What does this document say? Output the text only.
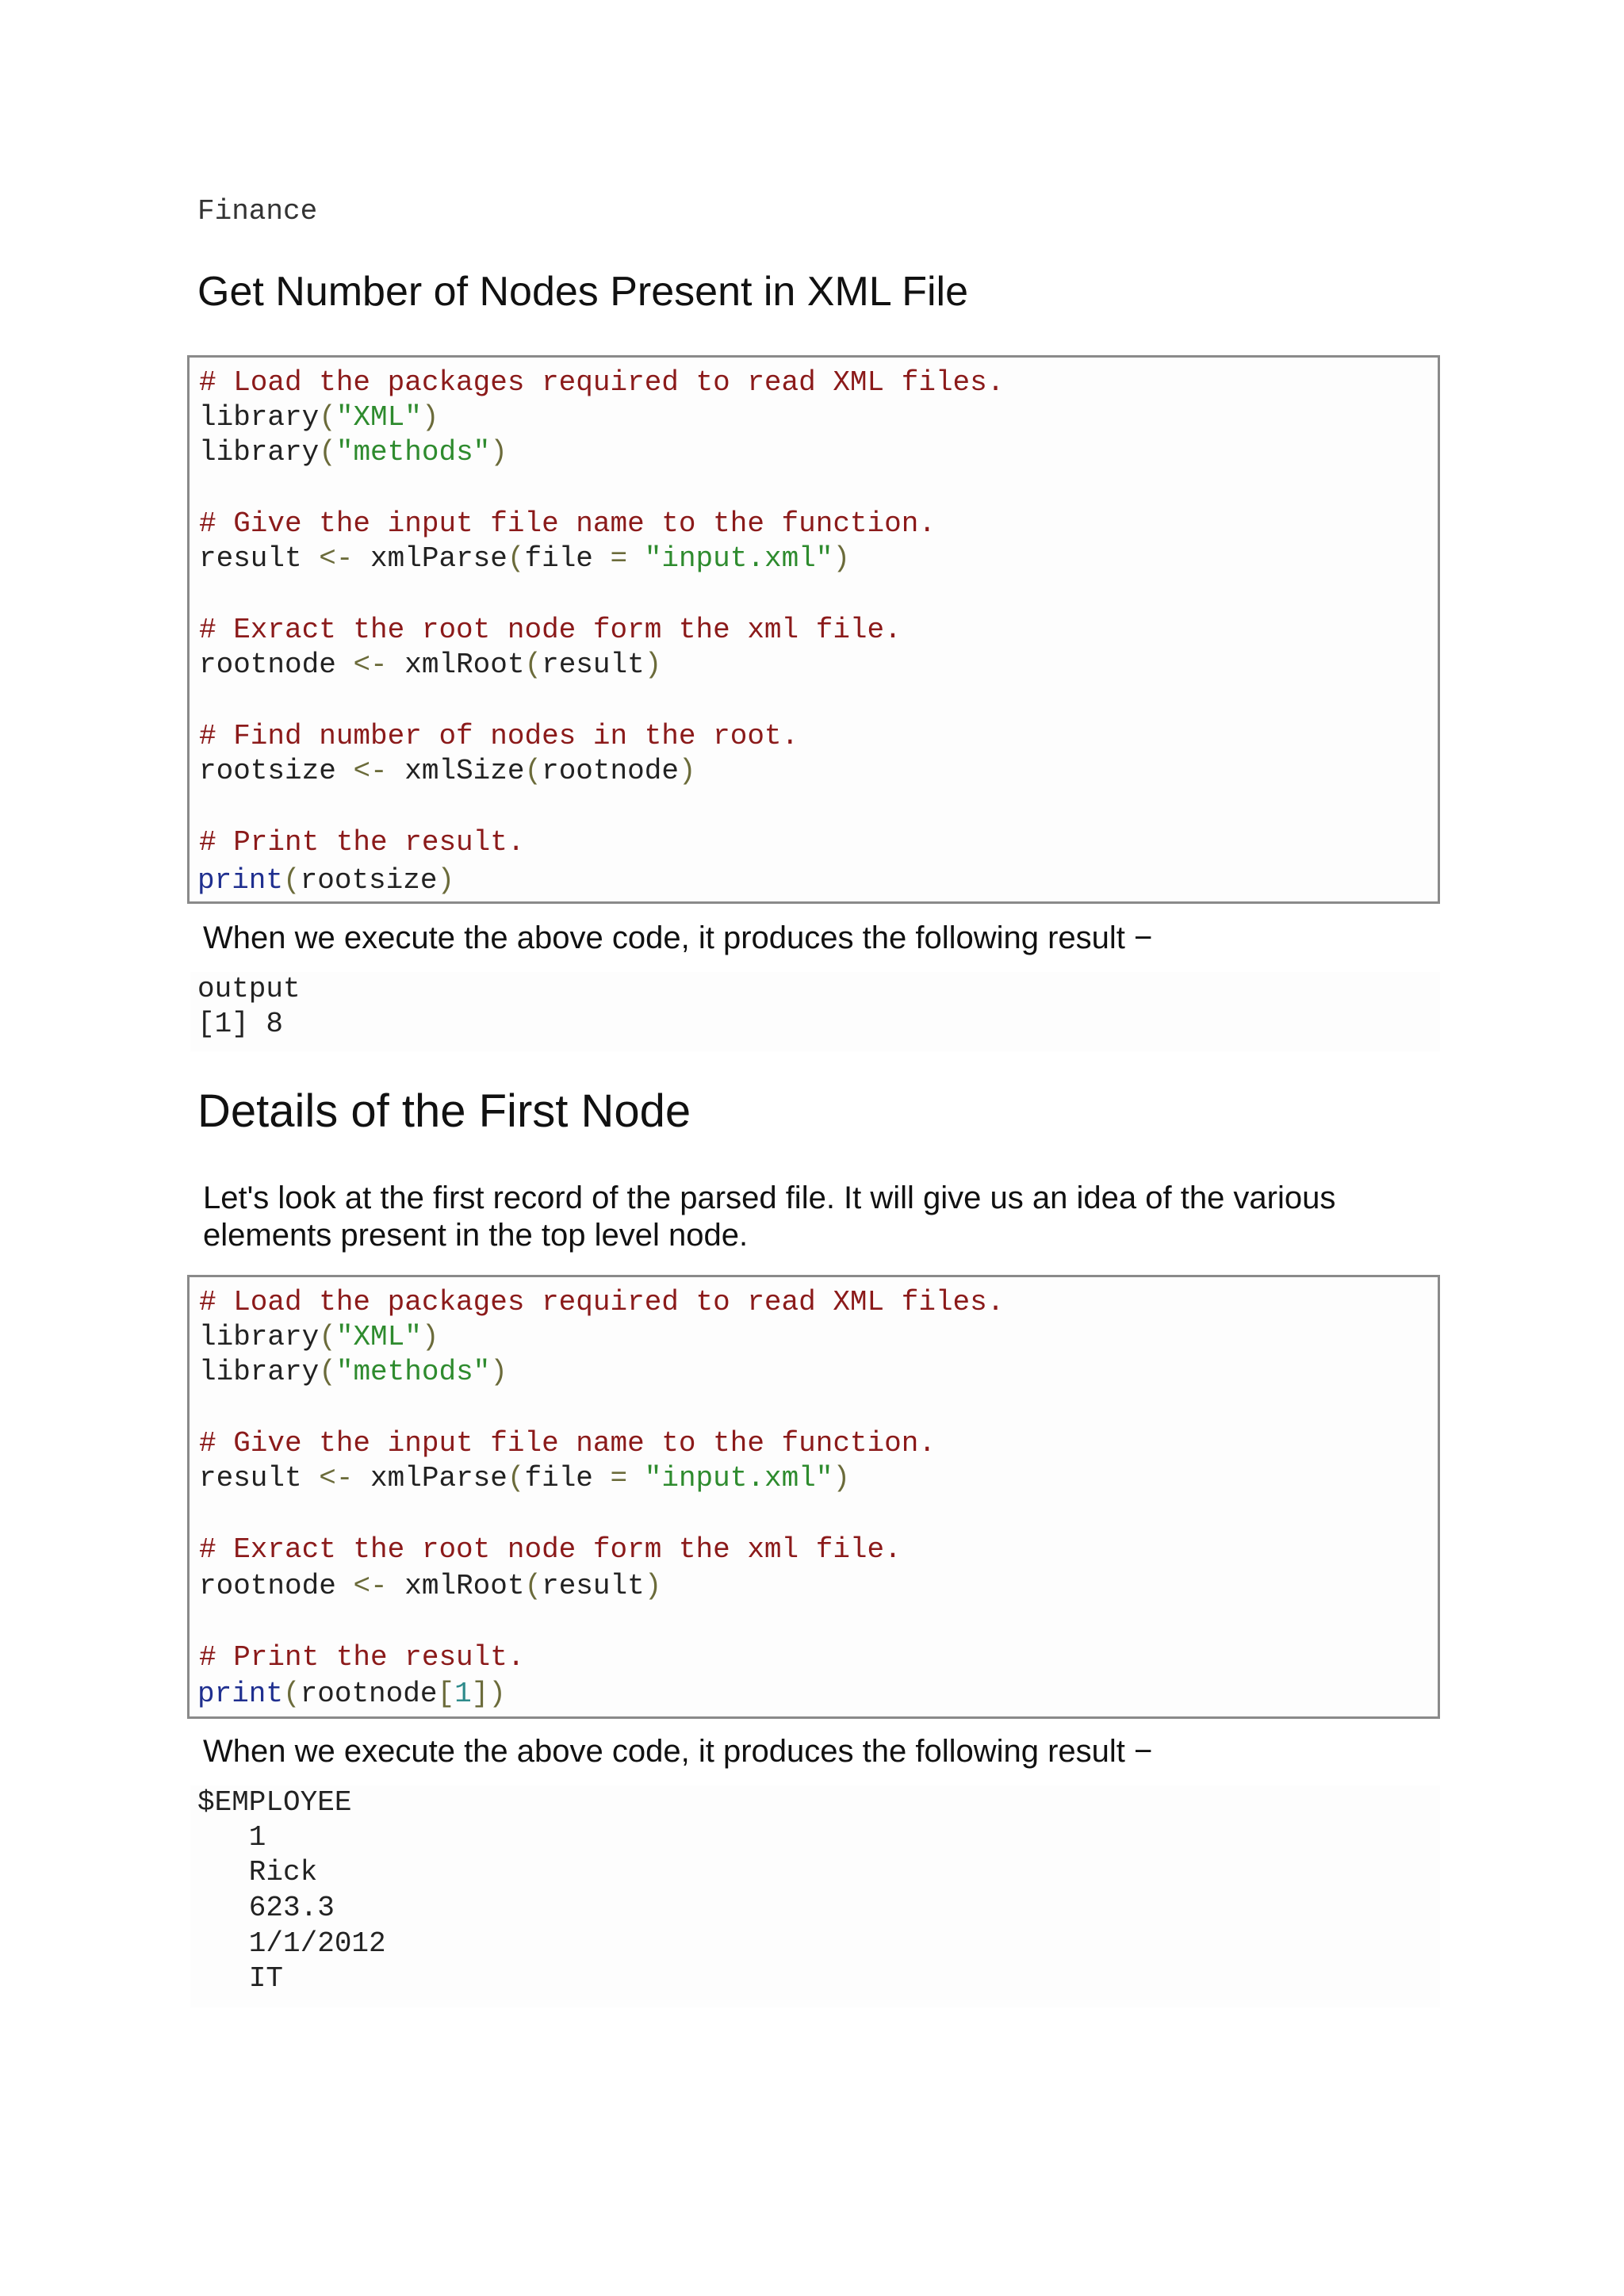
Finance
Get Number of Nodes Present in XML File
# Load the packages required to read XML files.
library("XML")
library("methods")
# Give the input file name to the function.
result <- xmlParse(file = "input.xml")
# Exract the root node form the xml file.
rootnode <- xmlRoot(result)
# Find number of nodes in the root.
rootsize <- xmlSize(rootnode)
# Print the result.
print(rootsize)

When we execute the above code, it produces the following result −

output
[1] 8
Details of the First Node

Let's look at the first record of the parsed file. It will give us an idea of the various

elements present in the top level node.

# Load the packages required to read XML files.
library("XML")
library("methods")
# Give the input file name to the function.
result <- xmlParse(file = "input.xml")
# Exract the root node form the xml file.
rootnode <- xmlRoot(result)
# Print the result.
print(rootnode[1])

When we execute the above code, it produces the following result −

$EMPLOYEE
1
Rick
623.3
1/1/2012
IT
